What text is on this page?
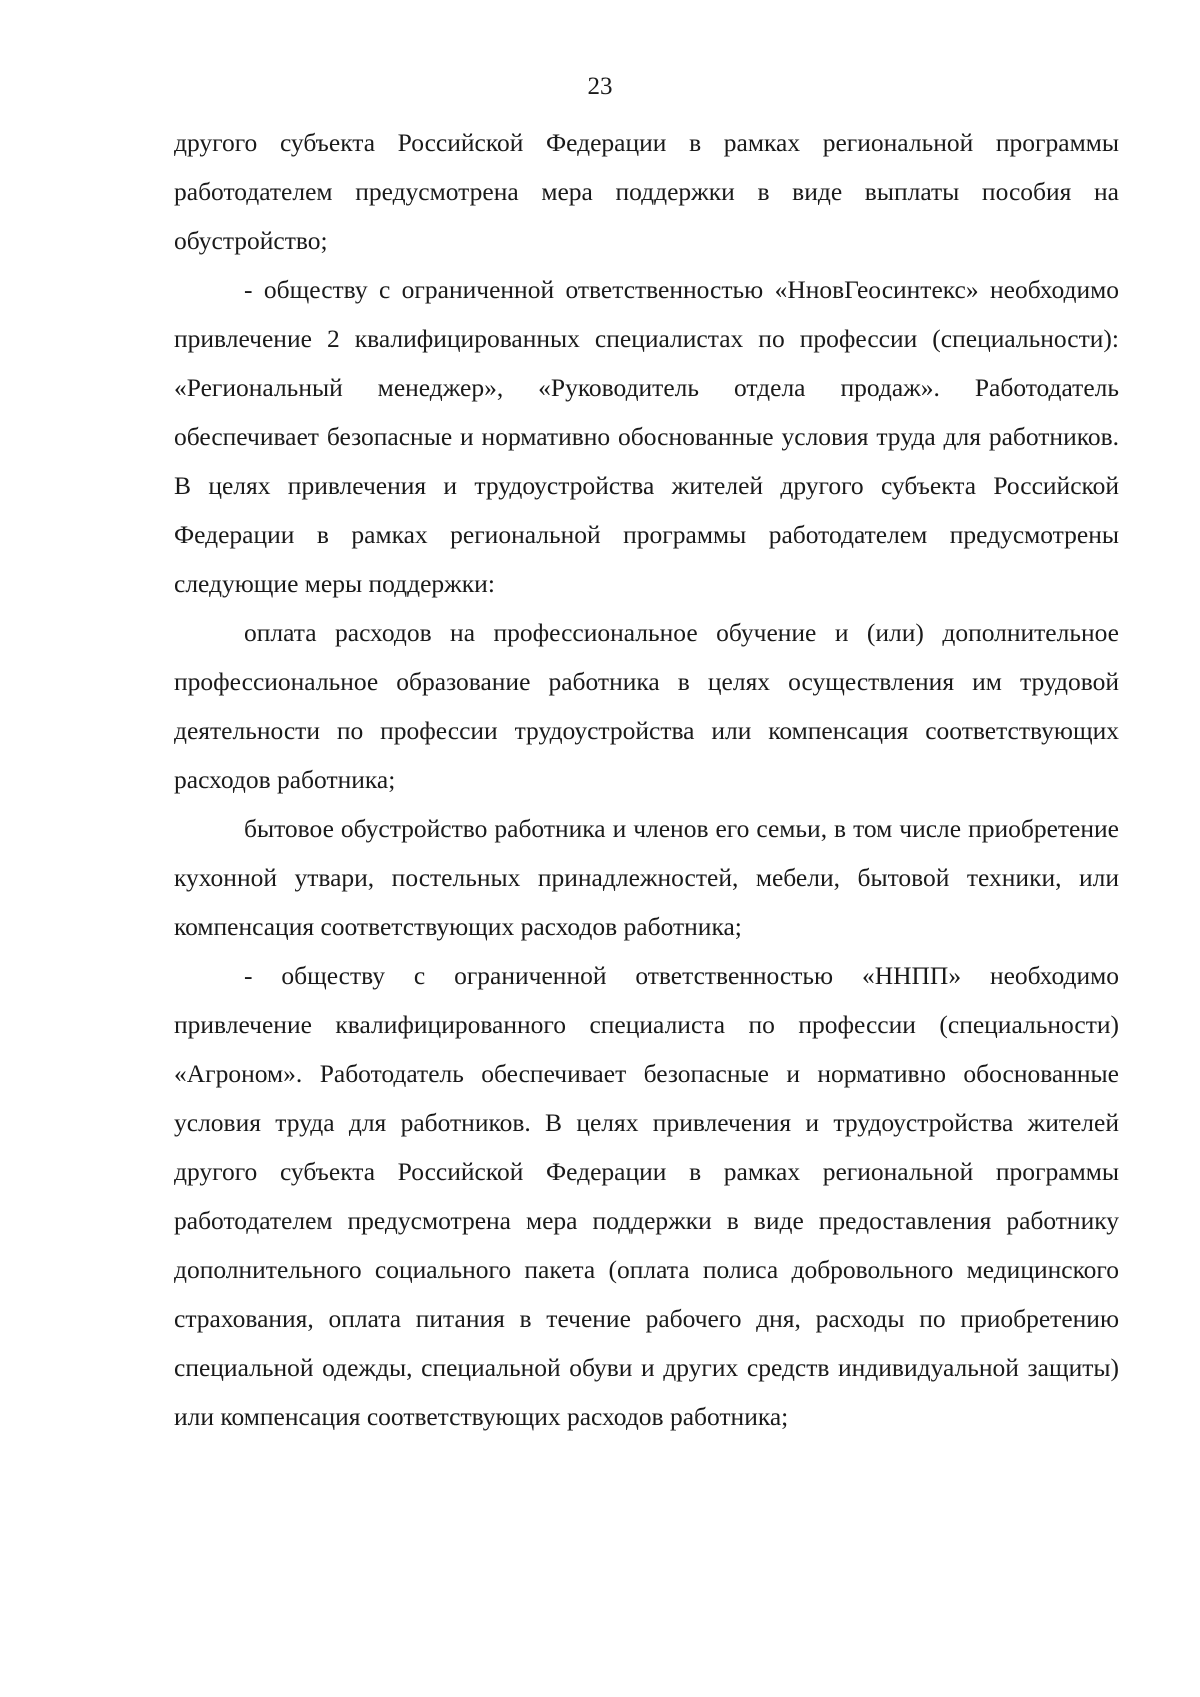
23

другого субъекта Российской Федерации в рамках региональной программы работодателем предусмотрена мера поддержки в виде выплаты пособия на обустройство;

- обществу с ограниченной ответственностью «НновГеосинтекс» необходимо привлечение 2 квалифицированных специалистах по профессии (специальности): «Региональный менеджер», «Руководитель отдела продаж». Работодатель обеспечивает безопасные и нормативно обоснованные условия труда для работников. В целях привлечения и трудоустройства жителей другого субъекта Российской Федерации в рамках региональной программы работодателем предусмотрены следующие меры поддержки:

оплата расходов на профессиональное обучение и (или) дополнительное профессиональное образование работника в целях осуществления им трудовой деятельности по профессии трудоустройства или компенсация соответствующих расходов работника;

бытовое обустройство работника и членов его семьи, в том числе приобретение кухонной утвари, постельных принадлежностей, мебели, бытовой техники, или компенсация соответствующих расходов работника;

- обществу с ограниченной ответственностью «ННПП» необходимо привлечение квалифицированного специалиста по профессии (специальности) «Агроном». Работодатель обеспечивает безопасные и нормативно обоснованные условия труда для работников. В целях привлечения и трудоустройства жителей другого субъекта Российской Федерации в рамках региональной программы работодателем предусмотрена мера поддержки в виде предоставления работнику дополнительного социального пакета (оплата полиса добровольного медицинского страхования, оплата питания в течение рабочего дня, расходы по приобретению специальной одежды, специальной обуви и других средств индивидуальной защиты) или компенсация соответствующих расходов работника;
